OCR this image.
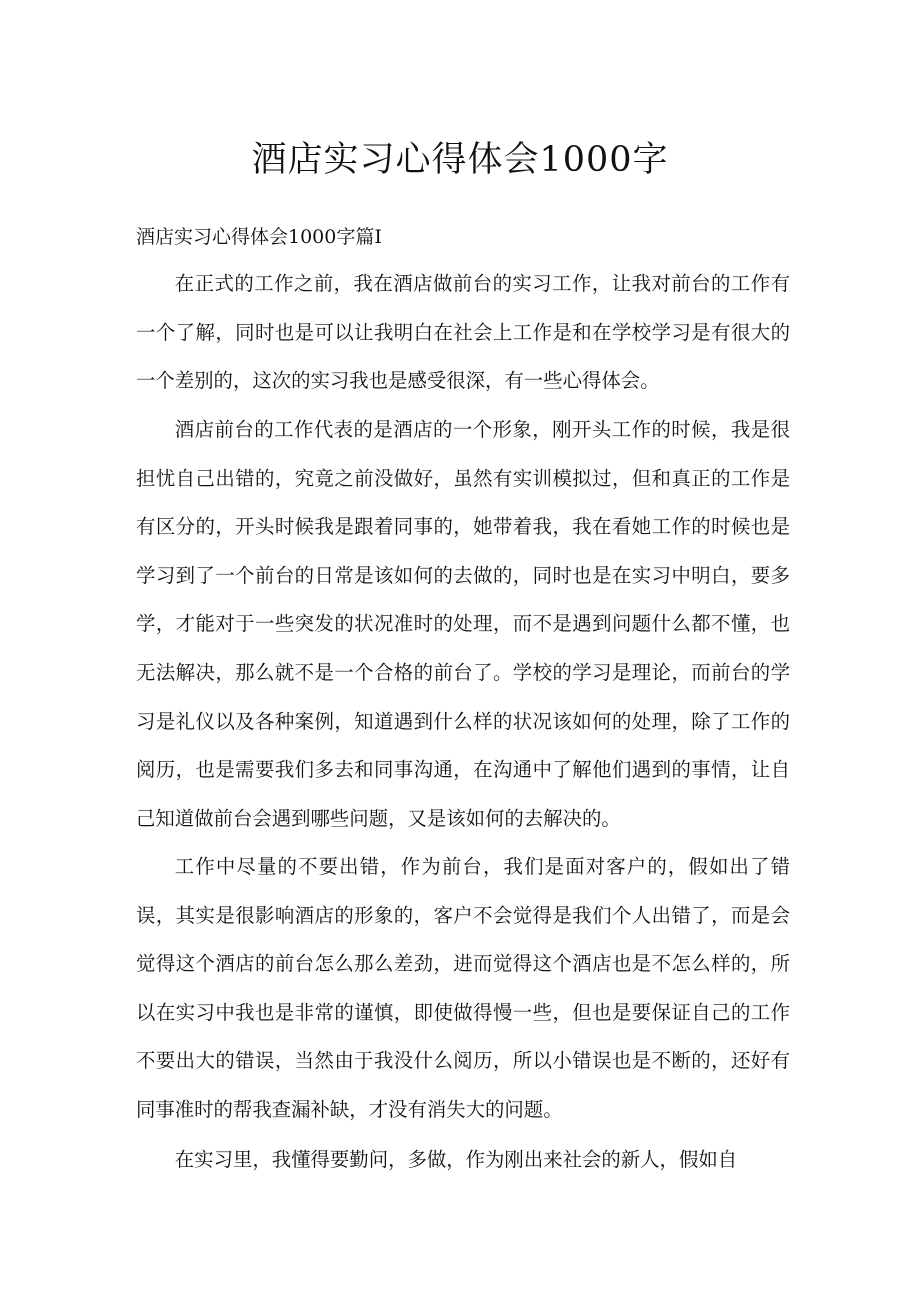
酒店实习心得体会1000字

酒店实习心得体会1000字篇I

在正式的工作之前，我在酒店做前台的实习工作，让我对前台的工作有一个了解，同时也是可以让我明白在社会上工作是和在学校学习是有很大的一个差别的，这次的实习我也是感受很深，有一些心得体会。

酒店前台的工作代表的是酒店的一个形象，刚开头工作的时候，我是很担忧自己出错的，究竟之前没做好，虽然有实训模拟过，但和真正的工作是有区分的，开头时候我是跟着同事的，她带着我，我在看她工作的时候也是学习到了一个前台的日常是该如何的去做的，同时也是在实习中明白，要多学，才能对于一些突发的状况准时的处理，而不是遇到问题什么都不懂，也无法解决，那么就不是一个合格的前台了。学校的学习是理论，而前台的学习是礼仪以及各种案例，知道遇到什么样的状况该如何的处理，除了工作的阅历，也是需要我们多去和同事沟通，在沟通中了解他们遇到的事情，让自己知道做前台会遇到哪些问题，又是该如何的去解决的。

工作中尽量的不要出错，作为前台，我们是面对客户的，假如出了错误，其实是很影响酒店的形象的，客户不会觉得是我们个人出错了，而是会觉得这个酒店的前台怎么那么差劲，进而觉得这个酒店也是不怎么样的，所以在实习中我也是非常的谨慎，即使做得慢一些，但也是要保证自己的工作不要出大的错误，当然由于我没什么阅历，所以小错误也是不断的，还好有同事准时的帮我查漏补缺，才没有消失大的问题。

在实习里，我懂得要勤问，多做，作为刚出来社会的新人，假如自
